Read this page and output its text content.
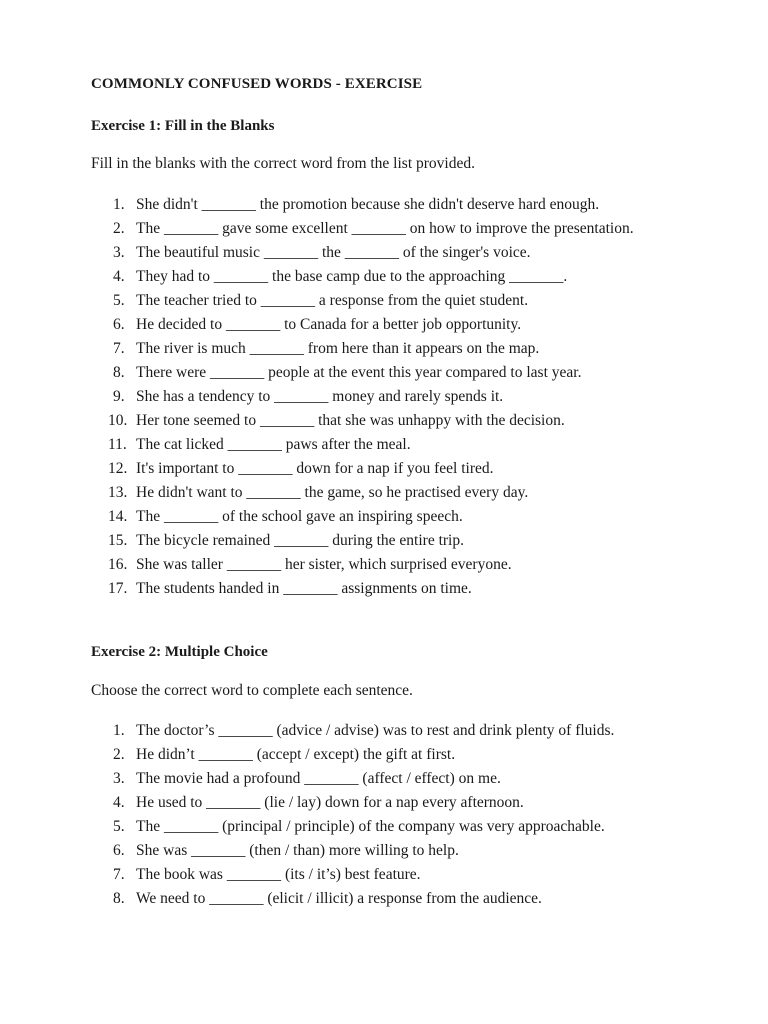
COMMONLY CONFUSED WORDS - EXERCISE
Exercise 1: Fill in the Blanks
Fill in the blanks with the correct word from the list provided.
1. She didn't _______ the promotion because she didn't deserve hard enough.
2. The _______ gave some excellent _______ on how to improve the presentation.
3. The beautiful music _______ the _______ of the singer's voice.
4. They had to _______ the base camp due to the approaching _______.
5. The teacher tried to _______ a response from the quiet student.
6. He decided to _______ to Canada for a better job opportunity.
7. The river is much _______ from here than it appears on the map.
8. There were _______ people at the event this year compared to last year.
9. She has a tendency to _______ money and rarely spends it.
10. Her tone seemed to _______ that she was unhappy with the decision.
11. The cat licked _______ paws after the meal.
12. It's important to _______ down for a nap if you feel tired.
13. He didn't want to _______ the game, so he practised every day.
14. The _______ of the school gave an inspiring speech.
15. The bicycle remained _______ during the entire trip.
16. She was taller _______ her sister, which surprised everyone.
17. The students handed in _______ assignments on time.
Exercise 2: Multiple Choice
Choose the correct word to complete each sentence.
1. The doctor’s _______ (advice / advise) was to rest and drink plenty of fluids.
2. He didn’t _______ (accept / except) the gift at first.
3. The movie had a profound _______ (affect / effect) on me.
4. He used to _______ (lie / lay) down for a nap every afternoon.
5. The _______ (principal / principle) of the company was very approachable.
6. She was _______ (then / than) more willing to help.
7. The book was _______ (its / it’s) best feature.
8. We need to _______ (elicit / illicit) a response from the audience.
